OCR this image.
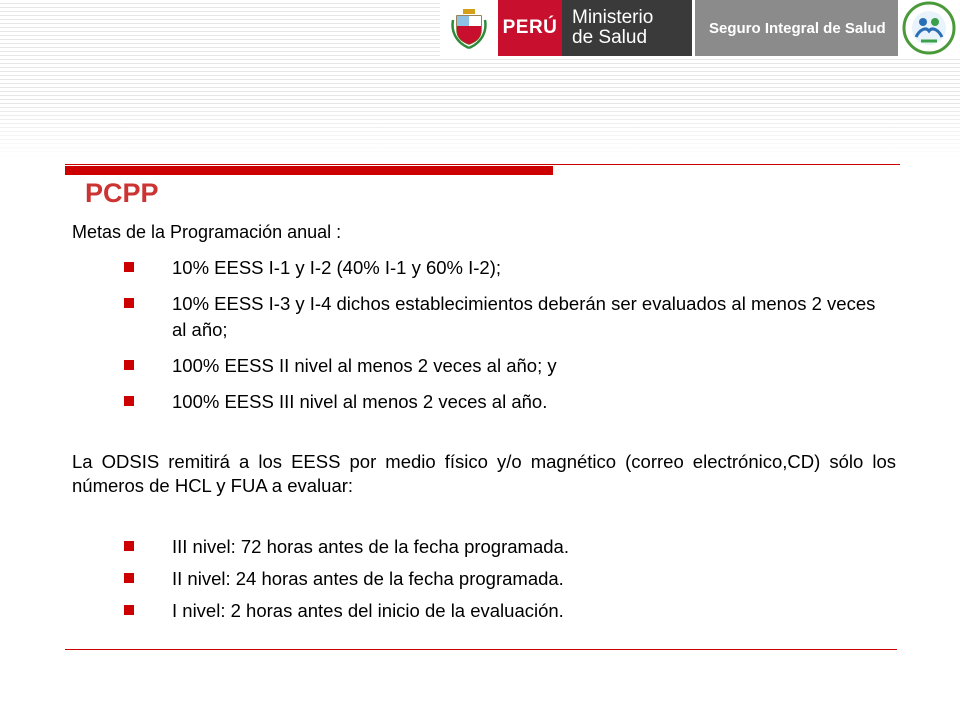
PERÚ Ministerio
de Salud	Seguro Integral de Salud
PCPP
Metas de la Programación anual :
10% EESS I-1 y I-2 (40% I-1 y 60% I-2);
10% EESS I-3 y I-4 dichos establecimientos deberán ser evaluados al menos 2 veces al año;
100% EESS II nivel al menos 2 veces al año; y
100% EESS III nivel al menos 2 veces al año.
La ODSIS remitirá a los EESS por medio físico y/o magnético (correo electrónico,CD) sólo los números de HCL y FUA a evaluar:
III nivel: 72 horas antes de la fecha programada.
II nivel: 24 horas antes de la fecha programada.
I nivel: 2 horas antes del inicio de la evaluación.
